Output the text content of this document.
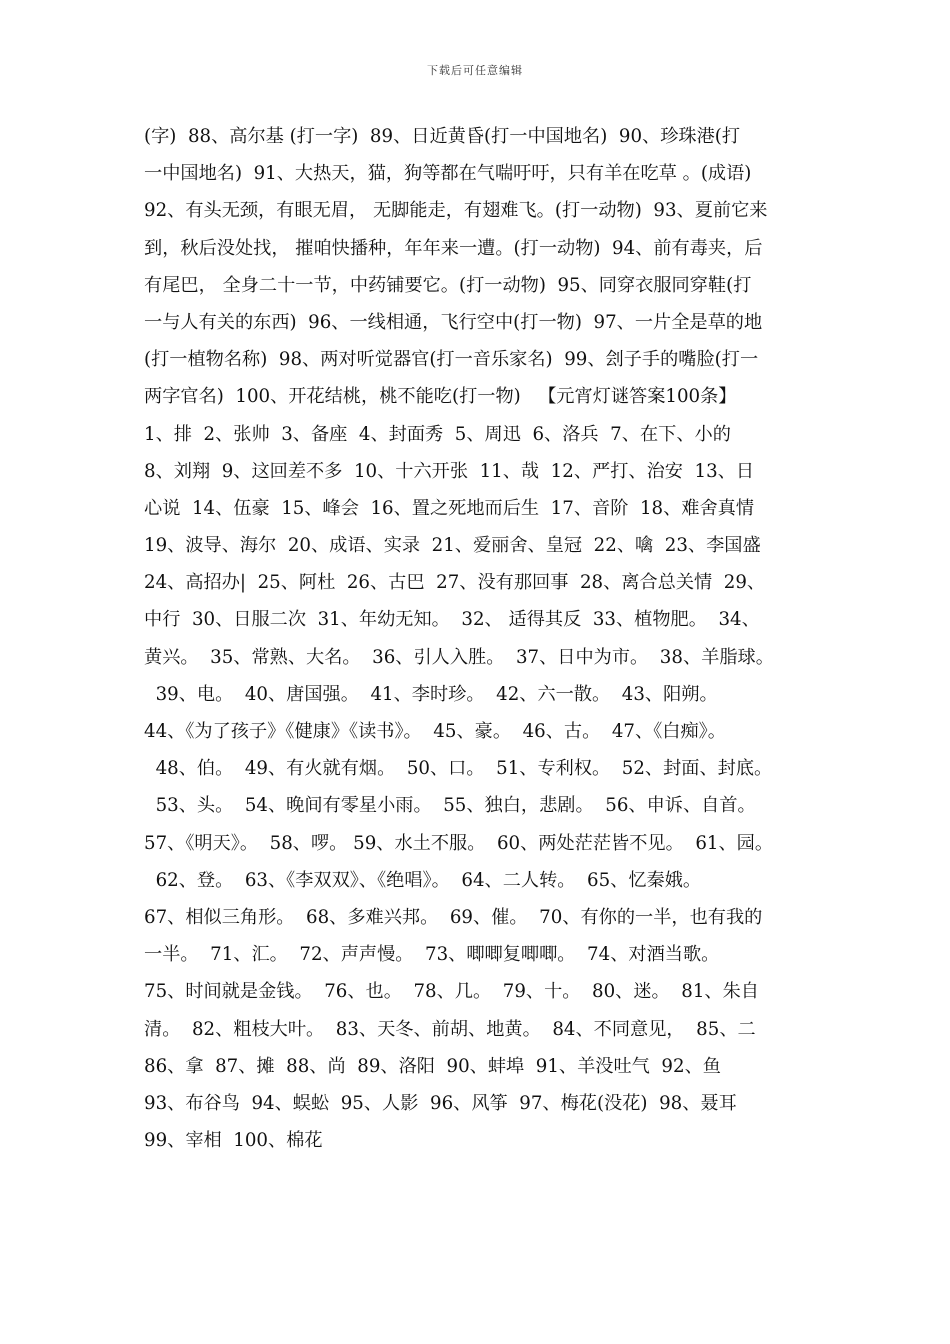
下载后可任意编辑
(字)  88、高尔基 (打一字)  89、日近黄昏(打一中国地名)  90、珍珠港(打
一中国地名)  91、大热天，猫，狗等都在气喘吁吁，只有羊在吃草 。(成语)
92、有头无颈，有眼无眉， 无脚能走，有翅难飞。(打一动物)  93、夏前它来
到，秋后没处找， 摧咱快播种，年年来一遭。(打一动物)  94、前有毒夹，后
有尾巴， 全身二十一节，中药铺要它。(打一动物)  95、同穿衣服同穿鞋(打
一与人有关的东西)  96、一线相通，飞行空中(打一物)  97、一片全是草的地
(打一植物名称)  98、两对听觉器官(打一音乐家名)  99、刽子手的嘴脸(打一
两字官名)  100、开花结桃，桃不能吃(打一物)   【元宵灯谜答案100条】
1、排  2、张帅  3、备座  4、封面秀  5、周迅  6、洛兵  7、在下、小的
8、刘翔  9、这回差不多  10、十六开张  11、哉  12、严打、治安  13、日
心说  14、伍豪  15、峰会  16、置之死地而后生  17、音阶  18、难舍真情
19、波导、海尔  20、成语、实录  21、爱丽舍、皇冠  22、噙  23、李国盛
24、高招办|  25、阿杜  26、古巴  27、没有那回事  28、离合总关情  29、
中行  30、日服二次  31、年幼无知。  32、 适得其反  33、植物肥。  34、
黄兴。  35、常熟、大名。  36、引人入胜。  37、日中为市。  38、羊脂球。
39、电。  40、唐国强。  41、李时珍。  42、六一散。  43、阳朔。
44、《为了孩子》《健康》《读书》。  45、豪。  46、古。  47、《白痴》。
48、伯。  49、有火就有烟。  50、口。  51、专利权。  52、封面、封底。
53、头。  54、晚间有零星小雨。  55、独白，悲剧。  56、申诉、自首。
57、《明天》。  58、啰。 59、水土不服。  60、两处茫茫皆不见。  61、园。
62、登。  63、《李双双》、《绝唱》。  64、二人转。  65、忆秦娥。
67、相似三角形。  68、多难兴邦。  69、催。  70、有你的一半，也有我的
一半。  71、汇。  72、声声慢。  73、唧唧复唧唧。  74、对酒当歌。
75、时间就是金钱。  76、也。  78、几。  79、十。  80、迷。  81、朱自
清。  82、粗枝大叶。  83、天冬、前胡、地黄。  84、不同意见，  85、二
86、拿  87、摊  88、尚  89、洛阳  90、蚌埠  91、羊没吐气  92、鱼
93、布谷鸟  94、蜈蚣  95、人影  96、风筝  97、梅花(没花)  98、聂耳
99、宰相  100、棉花
